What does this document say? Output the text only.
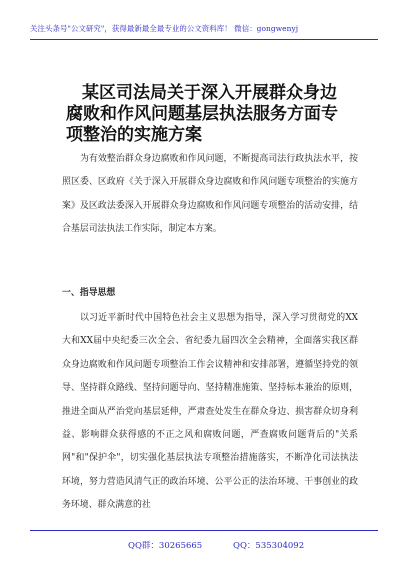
关注头条号"公文研究"，获得最新最全最专业的公文资料库！ 微信：gongwenyj
某区司法局关于深入开展群众身边
腐败和作风问题基层执法服务方面专
项整治的实施方案
为有效整治群众身边腐败和作风问题，不断提高司法行政执法水平，按照区委、区政府《关于深入开展群众身边腐败和作风问题专项整治的实施方案》及区政法委深入开展群众身边腐败和作风问题专项整治的活动安排，结合基层司法执法工作实际，制定本方案。
一、指导思想
以习近平新时代中国特色社会主义思想为指导，深入学习贯彻党的XX大和XX届中央纪委三次全会、省纪委九届四次全会精神，全面落实我区群众身边腐败和作风问题专项整治工作会议精神和安排部署，遵循坚持党的领导、坚持群众路线、坚持问题导向、坚持精准施策、坚持标本兼治的原则，推进全面从严治党向基层延伸，严肃查处发生在群众身边、损害群众切身利益、影响群众获得感的不正之风和腐败问题，严查腐败问题背后的"关系网"和"保护伞"，切实强化基层执法专项整治措施落实，不断净化司法执法环境，努力营造风清气正的政治环境、公平公正的法治环境、干事创业的政务环境、群众满意的社
QQ群：30265665	QQ：535304092
